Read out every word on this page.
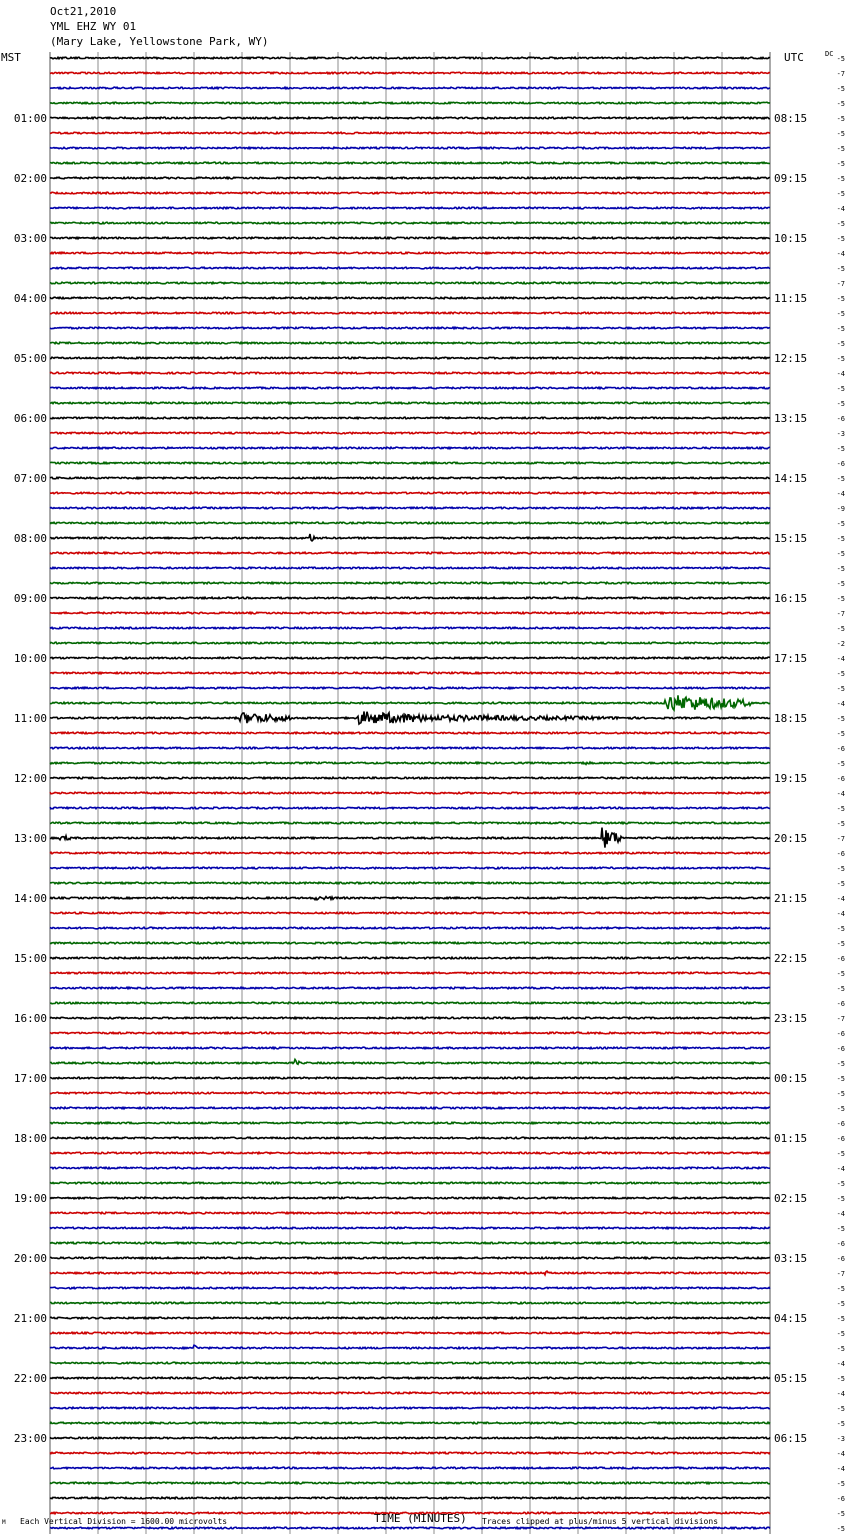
Oct21,2010
YML EHZ WY 01
(Mary Lake, Yellowstone Park, WY)
MST	UTC	DC
-5
-7
-5
-5
-5
-5
-5
-5
-5
-5
-4
-5
-5
-4
-5
-7
-5
-5
-5
-5
-5
-4
-5
-5
-6
-3
-5
-6
-5
-4
-9
-5
-5
-5
-5
-5
-5
-7
-5
-2
-4
-5
-5
-4
-5
-5
-6
-5
-6
-4
-5
-5
-7
-6
-5
-5
-4
-4
-5
-5
-6
-5
-5
-6
-7
-6
-6
-5
-5
-5
-5
-6
-6
-5
-4
-5
-5
-4
-5
-6
-6
-7
-5
-5
-5
-5
-5
-4
-5
-4
-5
-5
-3
-4
-4
-5
-6
-5
-5
01:00
02:00
03:00
04:00
05:00
06:00
07:00
08:00
09:00
10:00
11:00
12:00
13:00
14:00
15:00
16:00
17:00
18:00
19:00
20:00
21:00
22:00
23:00
08:15
09:15
10:15
11:15
12:15
13:15
14:15
15:15
16:15
17:15
18:15
19:15
20:15
21:15
22:15
23:15
00:15
01:15
02:15
03:15
04:15
05:15
06:15
TIME (MINUTES)
Each Vertical Division = 1600.00 microvolts	Traces clipped at plus/minus 5 vertical divisions
M
